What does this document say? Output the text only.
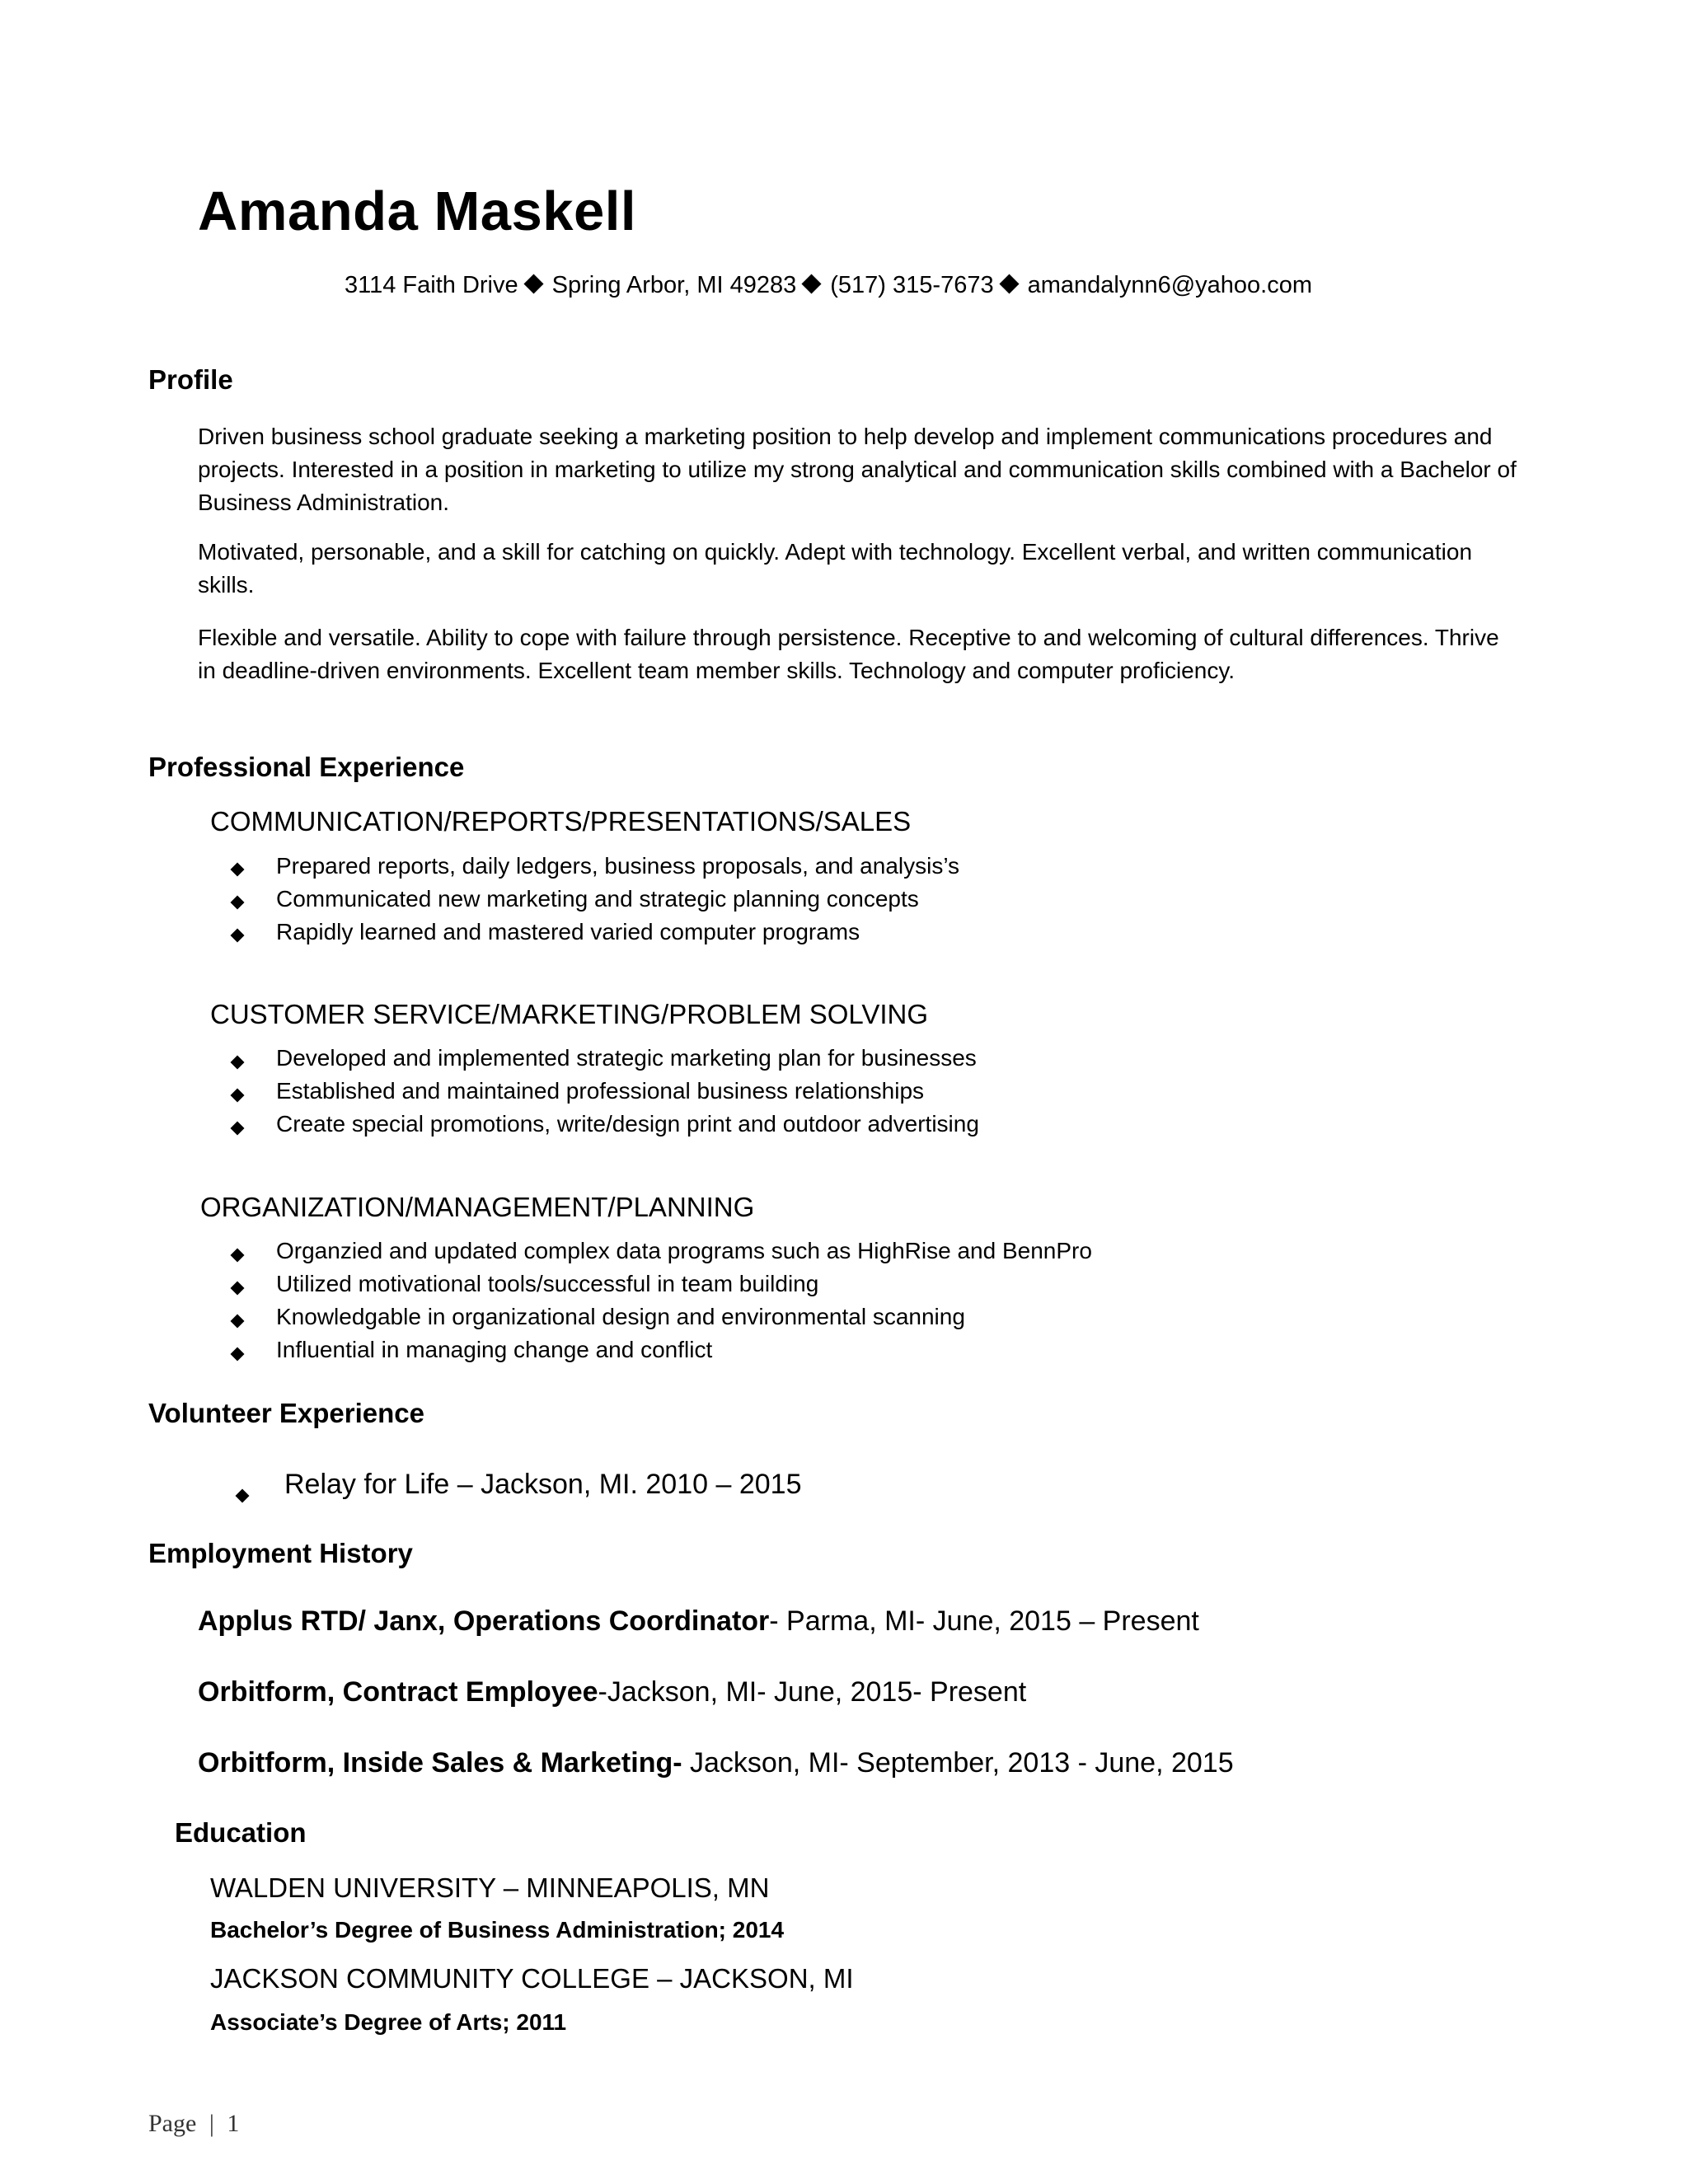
Amanda Maskell
3114 Faith Drive Spring Arbor, MI 49283 (517) 315-7673 amandalynn6@yahoo.com
Profile
Driven business school graduate seeking a marketing position to help develop and implement communications procedures and projects. Interested in a position in marketing to utilize my strong analytical and communication skills combined with a Bachelor of Business Administration.
Motivated, personable, and a skill for catching on quickly. Adept with technology. Excellent verbal, and written communication skills.
Flexible and versatile. Ability to cope with failure through persistence. Receptive to and welcoming of cultural differences. Thrive in deadline-driven environments. Excellent team member skills. Technology and computer proficiency.
Professional Experience
COMMUNICATION/REPORTS/PRESENTATIONS/SALES
Prepared reports, daily ledgers, business proposals, and analysis’s
Communicated new marketing and strategic planning concepts
Rapidly learned and mastered varied computer programs
CUSTOMER SERVICE/MARKETING/PROBLEM SOLVING
Developed and implemented strategic marketing plan for businesses
Established and maintained professional business relationships
Create special promotions, write/design print and outdoor advertising
ORGANIZATION/MANAGEMENT/PLANNING
Organzied and updated complex data programs such as HighRise and BennPro
Utilized motivational tools/successful in team building
Knowledgable in organizational design and environmental scanning
Influential in managing change and conflict
Volunteer Experience
Relay for Life – Jackson, MI. 2010 – 2015
Employment History
Applus RTD/ Janx, Operations Coordinator- Parma, MI- June, 2015 – Present
Orbitform, Contract Employee-Jackson, MI- June, 2015- Present
Orbitform, Inside Sales & Marketing- Jackson, MI- September, 2013 - June, 2015
Education
WALDEN UNIVERSITY – MINNEAPOLIS, MN
Bachelor’s Degree of Business Administration; 2014
JACKSON COMMUNITY COLLEGE – JACKSON, MI
Associate’s Degree of Arts; 2011
Page | 1
